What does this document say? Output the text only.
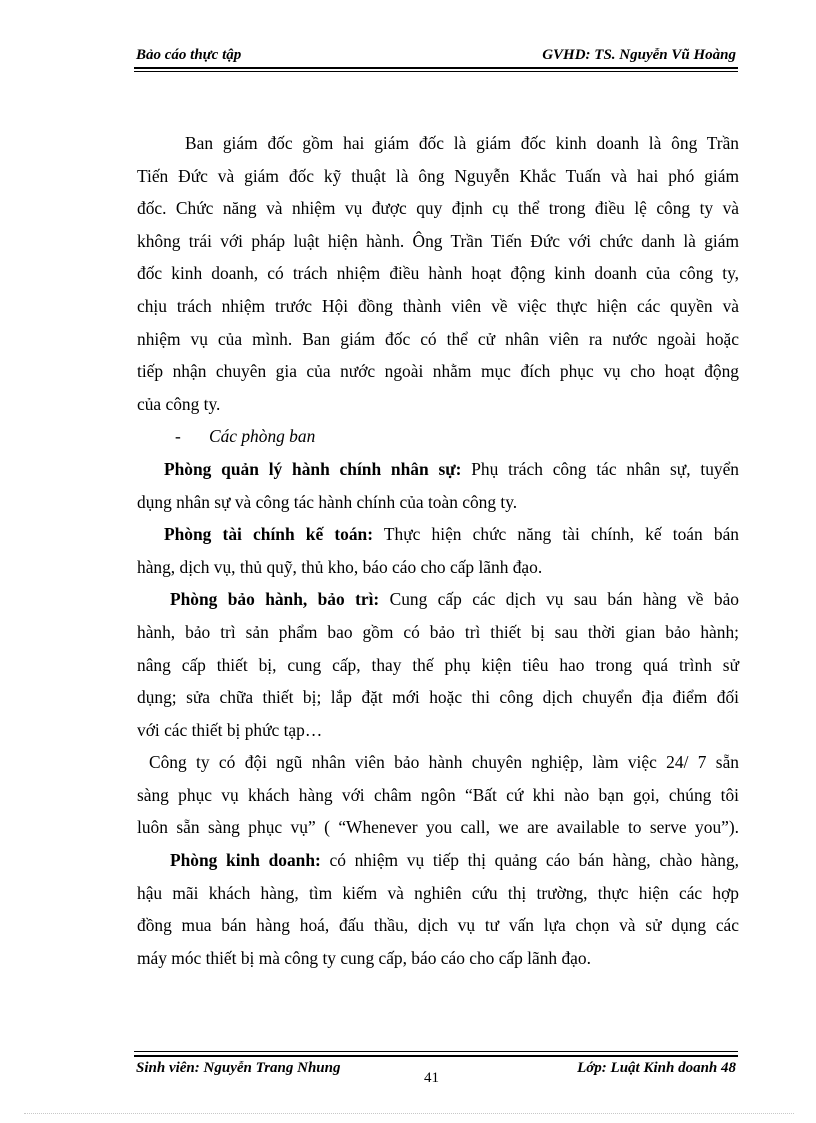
Bảo cáo thực tập	GVHD: TS. Nguyễn Vũ Hoàng
Ban giám đốc gồm hai giám đốc là giám đốc kinh doanh là ông Trần
Tiến Đức và giám đốc kỹ thuật là ông Nguyễn Khắc Tuấn và hai phó giám
đốc. Chức năng và nhiệm vụ được quy định cụ thể trong điều lệ công ty và
không trái với pháp luật hiện hành. Ông Trần Tiến Đức với chức danh là giám
đốc kinh doanh, có trách nhiệm điều hành hoạt động kinh doanh của công ty,
chịu trách nhiệm trước Hội đồng thành viên về việc thực hiện các quyền và
nhiệm vụ của mình. Ban giám đốc có thể cử nhân viên ra nước ngoài hoặc
tiếp nhận chuyên gia của nước ngoài nhằm mục đích phục vụ cho hoạt động
của công ty.
- Các phòng ban
Phòng quản lý hành chính nhân sự: Phụ trách công tác nhân sự, tuyển
dụng nhân sự và công tác hành chính của toàn công ty.
Phòng tài chính kế toán: Thực hiện chức năng tài chính, kế toán bán
hàng, dịch vụ, thủ quỹ, thủ kho, báo cáo cho cấp lãnh đạo.
Phòng bảo hành, bảo trì: Cung cấp các dịch vụ sau bán hàng về bảo
hành, bảo trì sản phẩm bao gồm có bảo trì thiết bị sau thời gian bảo hành;
nâng cấp thiết bị, cung cấp, thay thế phụ kiện tiêu hao trong quá trình sử
dụng; sửa chữa thiết bị; lắp đặt mới hoặc thi công dịch chuyển địa điểm đối
với các thiết bị phức tạp…
Công ty có đội ngũ nhân viên bảo hành chuyên nghiệp, làm việc 24/ 7 sẵn
sàng phục vụ khách hàng với châm ngôn “Bất cứ khi nào bạn gọi, chúng tôi
luôn sẵn sàng phục vụ” ( “Whenever you call, we are available to serve you”).
Phòng kinh doanh: có nhiệm vụ tiếp thị quảng cáo bán hàng, chào hàng,
hậu mãi khách hàng, tìm kiếm và nghiên cứu thị trường, thực hiện các hợp
đồng mua bán hàng hoá, đấu thầu, dịch vụ tư vấn lựa chọn và sử dụng các
máy móc thiết bị mà công ty cung cấp, báo cáo cho cấp lãnh đạo.
Sinh viên: Nguyễn Trang Nhung	Lớp: Luật Kinh doanh 48
41
